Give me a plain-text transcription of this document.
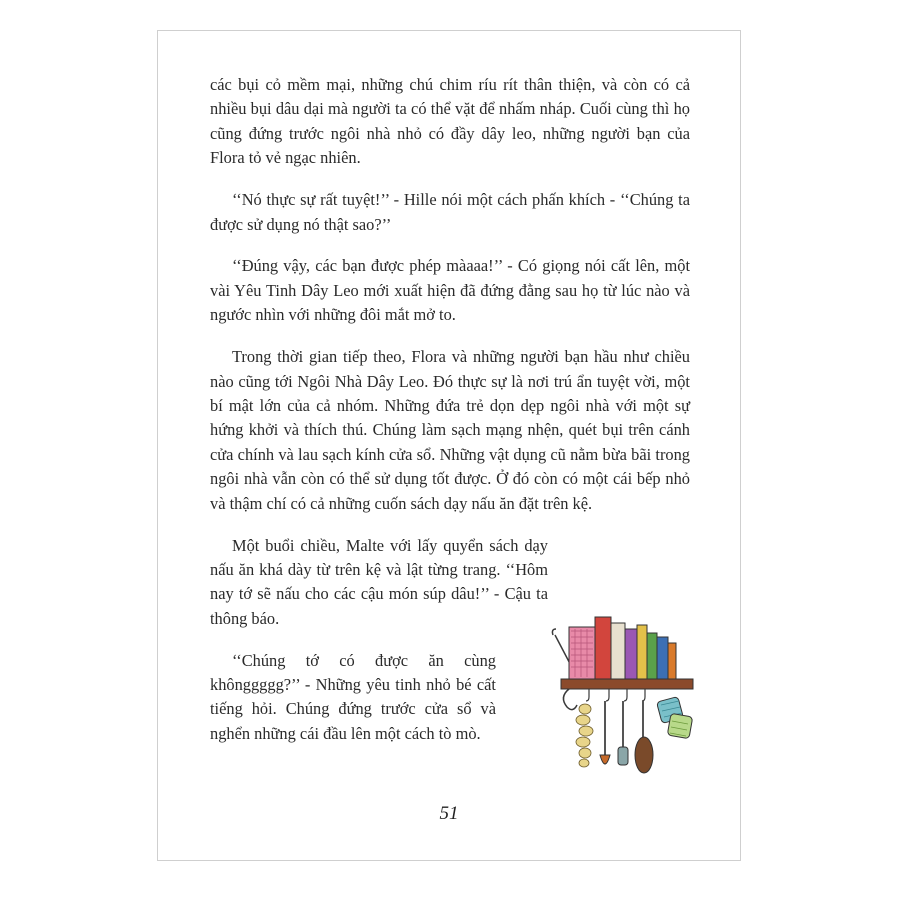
các bụi cỏ mềm mại, những chú chim ríu rít thân thiện, và còn có cả nhiều bụi dâu dại mà người ta có thể vặt để nhấm nháp. Cuối cùng thì họ cũng đứng trước ngôi nhà nhỏ có đầy dây leo, những người bạn của Flora tỏ vẻ ngạc nhiên.

‘‘Nó thực sự rất tuyệt!’’ - Hille nói một cách phấn khích - ‘‘Chúng ta được sử dụng nó thật sao?’’

‘‘Đúng vậy, các bạn được phép màaaa!’’ - Có giọng nói cất lên, một vài Yêu Tinh Dây Leo mới xuất hiện đã đứng đằng sau họ từ lúc nào và ngước nhìn với những đôi mắt mở to.

Trong thời gian tiếp theo, Flora và những người bạn hầu như chiều nào cũng tới Ngôi Nhà Dây Leo. Đó thực sự là nơi trú ẩn tuyệt vời, một bí mật lớn của cả nhóm. Những đứa trẻ dọn dẹp ngôi nhà với một sự hứng khởi và thích thú. Chúng làm sạch mạng nhện, quét bụi trên cánh cửa chính và lau sạch kính cửa sổ. Những vật dụng cũ nằm bừa bãi trong ngôi nhà vẫn còn có thể sử dụng tốt được. Ở đó còn có một cái bếp nhỏ và thậm chí có cả những cuốn sách dạy nấu ăn đặt trên kệ.

Một buổi chiều, Malte với lấy quyển sách dạy nấu ăn khá dày từ trên kệ và lật từng trang. ‘‘Hôm nay tớ sẽ nấu cho các cậu món súp dâu!’’ - Cậu ta thông báo.

‘‘Chúng tớ có được ăn cùng khônggggg?’’ - Những yêu tinh nhỏ bé cất tiếng hỏi. Chúng đứng trước cửa sổ và nghển những cái đầu lên một cách tò mò.

51
